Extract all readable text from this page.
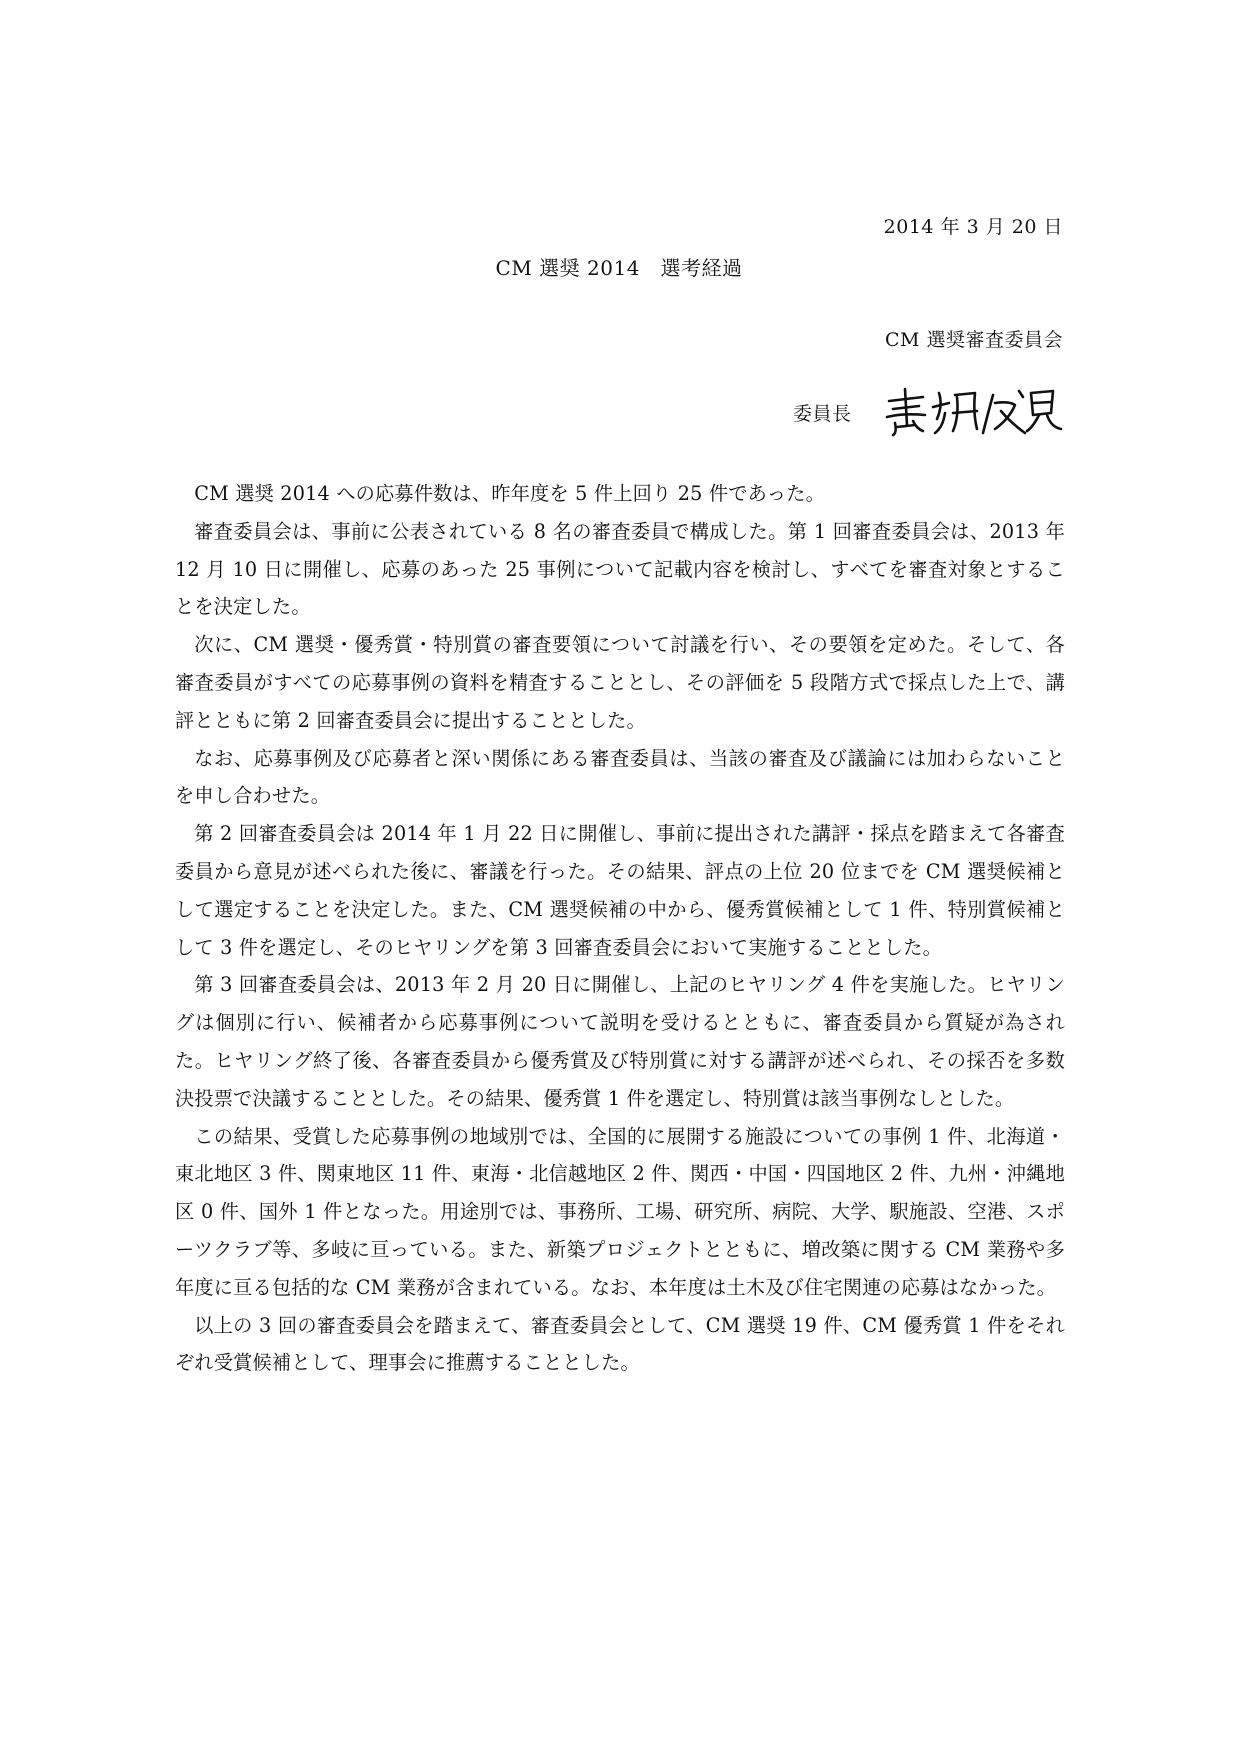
2014 年 3 月 20 日
CM 選奨 2014　選考経過
CM 選奨審査委員会
委員長

CM 選奨 2014 への応募件数は、昨年度を 5 件上回り 25 件であった。

審査委員会は、事前に公表されている 8 名の審査委員で構成した。第 1 回審査委員会は、2013 年 12 月 10 日に開催し、応募のあった 25 事例について記載内容を検討し、すべてを審査対象とすることを決定した。

次に、CM 選奨・優秀賞・特別賞の審査要領について討議を行い、その要領を定めた。そして、各審査委員がすべての応募事例の資料を精査することとし、その評価を 5 段階方式で採点した上で、講評とともに第 2 回審査委員会に提出することとした。

なお、応募事例及び応募者と深い関係にある審査委員は、当該の審査及び議論には加わらないことを申し合わせた。

第 2 回審査委員会は 2014 年 1 月 22 日に開催し、事前に提出された講評・採点を踏まえて各審査委員から意見が述べられた後に、審議を行った。その結果、評点の上位 20 位までを CM 選奨候補として選定することを決定した。また、CM 選奨候補の中から、優秀賞候補として 1 件、特別賞候補として 3 件を選定し、そのヒヤリングを第 3 回審査委員会において実施することとした。

第 3 回審査委員会は、2013 年 2 月 20 日に開催し、上記のヒヤリング 4 件を実施した。ヒヤリングは個別に行い、候補者から応募事例について説明を受けるとともに、審査委員から質疑が為された。ヒヤリング終了後、各審査委員から優秀賞及び特別賞に対する講評が述べられ、その採否を多数決投票で決議することとした。その結果、優秀賞 1 件を選定し、特別賞は該当事例なしとした。

この結果、受賞した応募事例の地域別では、全国的に展開する施設についての事例 1 件、北海道・東北地区 3 件、関東地区 11 件、東海・北信越地区 2 件、関西・中国・四国地区 2 件、九州・沖縄地区 0 件、国外 1 件となった。用途別では、事務所、工場、研究所、病院、大学、駅施設、空港、スポーツクラブ等、多岐に亘っている。また、新築プロジェクトとともに、増改築に関する CM 業務や多年度に亘る包括的な CM 業務が含まれている。なお、本年度は土木及び住宅関連の応募はなかった。

以上の 3 回の審査委員会を踏まえて、審査委員会として、CM 選奨 19 件、CM 優秀賞 1 件をそれぞれ受賞候補として、理事会に推薦することとした。
